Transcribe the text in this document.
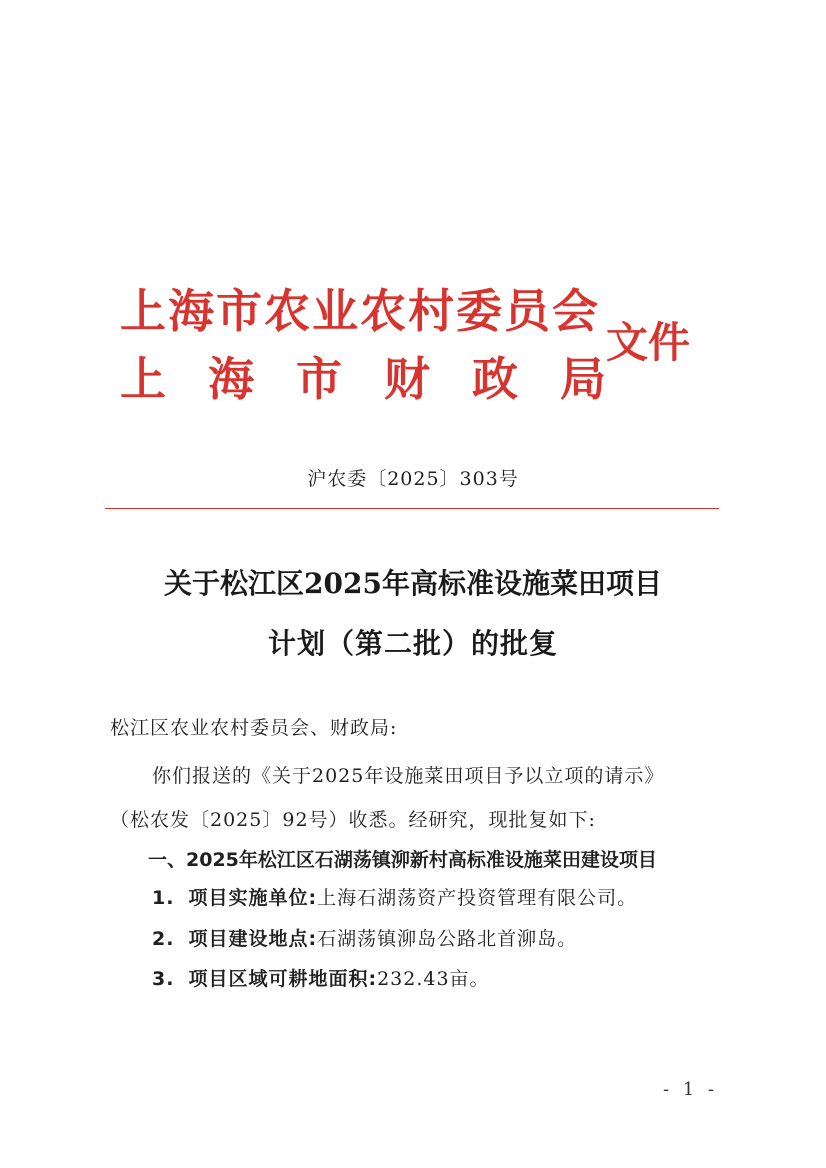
上海市农业农村委员会
上海市财政局
文件
沪农委〔2025〕303号
关于松江区2025年高标准设施菜田项目
计划（第二批）的批复
松江区农业农村委员会、财政局:
你们报送的《关于2025年设施菜田项目予以立项的请示》
（松农发〔2025〕92号）收悉。经研究，现批复如下:
一、2025年松江区石湖荡镇泖新村高标准设施菜田建设项目
1. 项目实施单位:上海石湖荡资产投资管理有限公司。
2. 项目建设地点:石湖荡镇泖岛公路北首泖岛。
3. 项目区域可耕地面积:232.43亩。
- 1 -
